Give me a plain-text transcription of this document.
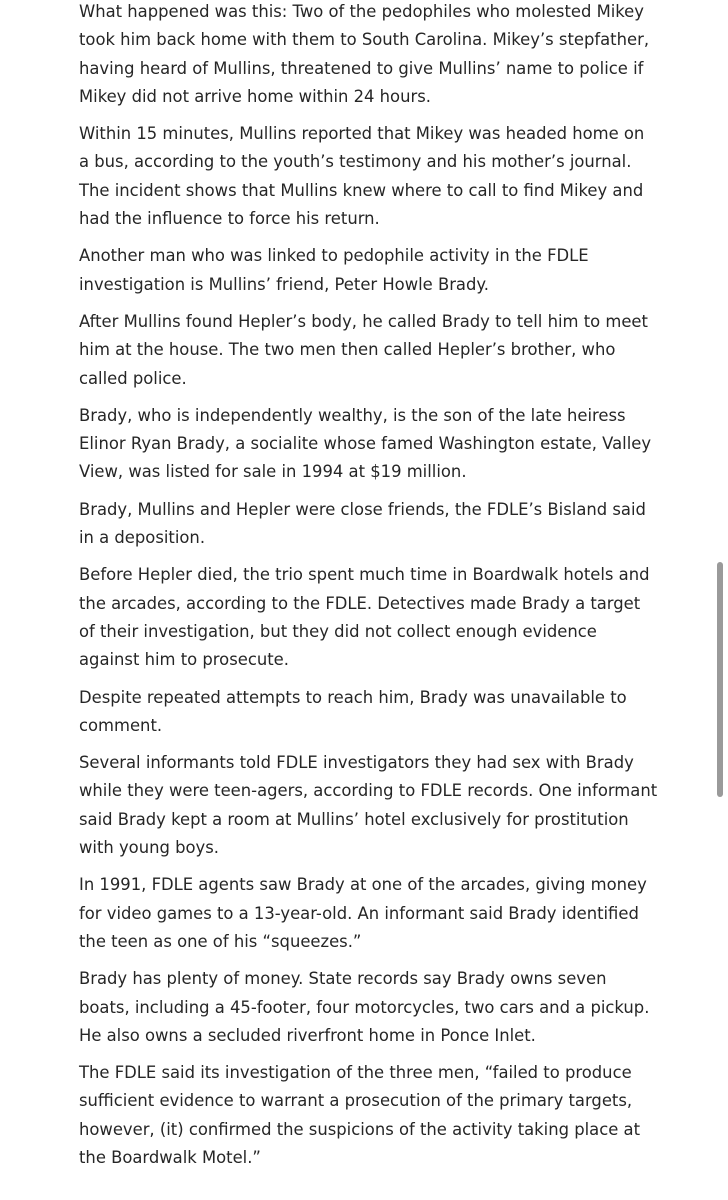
What happened was this: Two of the pedophiles who molested Mikey took him back home with them to South Carolina. Mikey’s stepfather, having heard of Mullins, threatened to give Mullins’ name to police if Mikey did not arrive home within 24 hours.

Within 15 minutes, Mullins reported that Mikey was headed home on a bus, according to the youth’s testimony and his mother’s journal. The incident shows that Mullins knew where to call to find Mikey and had the influence to force his return.

Another man who was linked to pedophile activity in the FDLE investigation is Mullins’ friend, Peter Howle Brady.

After Mullins found Hepler’s body, he called Brady to tell him to meet him at the house. The two men then called Hepler’s brother, who called police.

Brady, who is independently wealthy, is the son of the late heiress Elinor Ryan Brady, a socialite whose famed Washington estate, Valley View, was listed for sale in 1994 at $19 million.

Brady, Mullins and Hepler were close friends, the FDLE’s Bisland said in a deposition.

Before Hepler died, the trio spent much time in Boardwalk hotels and the arcades, according to the FDLE. Detectives made Brady a target of their investigation, but they did not collect enough evidence against him to prosecute.

Despite repeated attempts to reach him, Brady was unavailable to comment.

Several informants told FDLE investigators they had sex with Brady while they were teen-agers, according to FDLE records. One informant said Brady kept a room at Mullins’ hotel exclusively for prostitution with young boys.

In 1991, FDLE agents saw Brady at one of the arcades, giving money for video games to a 13-year-old. An informant said Brady identified the teen as one of his “squeezes.”

Brady has plenty of money. State records say Brady owns seven boats, including a 45-footer, four motorcycles, two cars and a pickup. He also owns a secluded riverfront home in Ponce Inlet.

The FDLE said its investigation of the three men, “failed to produce sufficient evidence to warrant a prosecution of the primary targets, however, (it) confirmed the suspicions of the activity taking place at the Boardwalk Motel.”
